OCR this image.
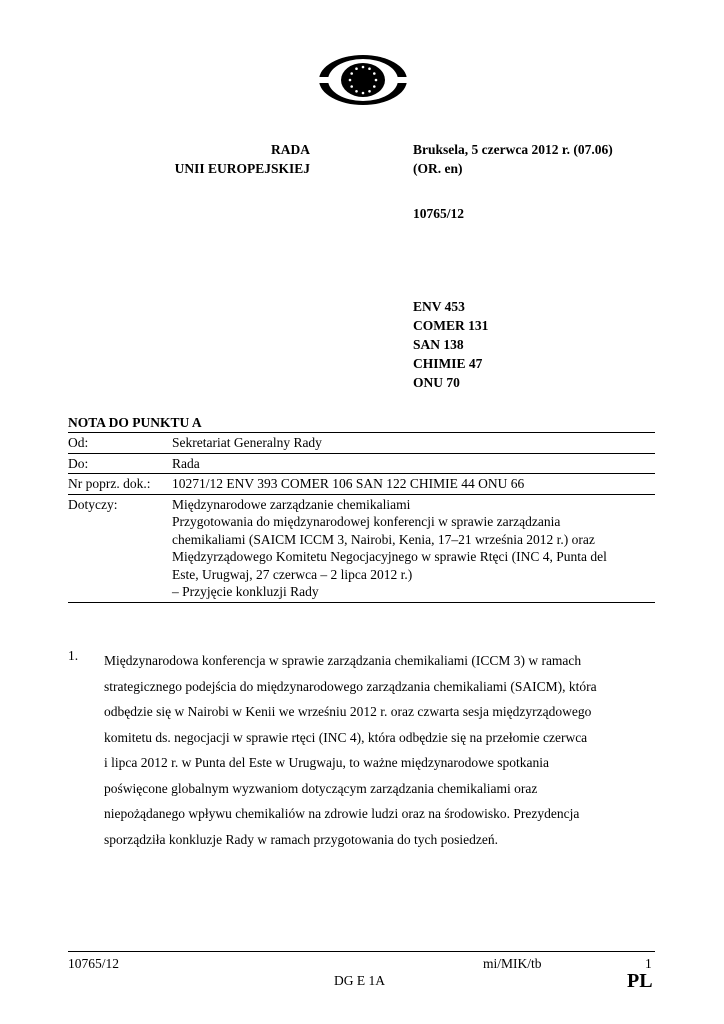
RADA
UNII EUROPEJSKIEJ
Bruksela, 5 czerwca 2012 r. (07.06)
(OR. en)
10765/12
ENV 453
COMER 131
SAN 138
CHIMIE 47
ONU 70
NOTA DO PUNKTU A
Od:	Sekretariat Generalny Rady
Do:	Rada
Nr poprz. dok.:	10271/12 ENV 393 COMER 106 SAN 122 CHIMIE 44 ONU 66
Dotyczy:	Międzynarodowe zarządzanie chemikaliami
Przygotowania do międzynarodowej konferencji w sprawie zarządzania
chemikaliami (SAICM ICCM 3, Nairobi, Kenia, 17–21 września 2012 r.) oraz
Międzyrządowego Komitetu Negocjacyjnego w sprawie Rtęci (INC 4, Punta del
Este, Urugwaj, 27 czerwca – 2 lipca 2012 r.)
– Przyjęcie konkluzji Rady
1. Międzynarodowa konferencja w sprawie zarządzania chemikaliami (ICCM 3) w ramach
strategicznego podejścia do międzynarodowego zarządzania chemikaliami (SAICM), która
odbędzie się w Nairobi w Kenii we wrześniu 2012 r. oraz czwarta sesja międzyrządowego
komitetu ds. negocjacji w sprawie rtęci (INC 4), która odbędzie się na przełomie czerwca
i lipca 2012 r. w Punta del Este w Urugwaju, to ważne międzynarodowe spotkania
poświęcone globalnym wyzwaniom dotyczącym zarządzania chemikaliami oraz
niepożądanego wpływu chemikaliów na zdrowie ludzi oraz na środowisko. Prezydencja
sporządziła konkluzje Rady w ramach przygotowania do tych posiedzeń.
10765/12	mi/MIK/tb	1
DG E 1A	PL
